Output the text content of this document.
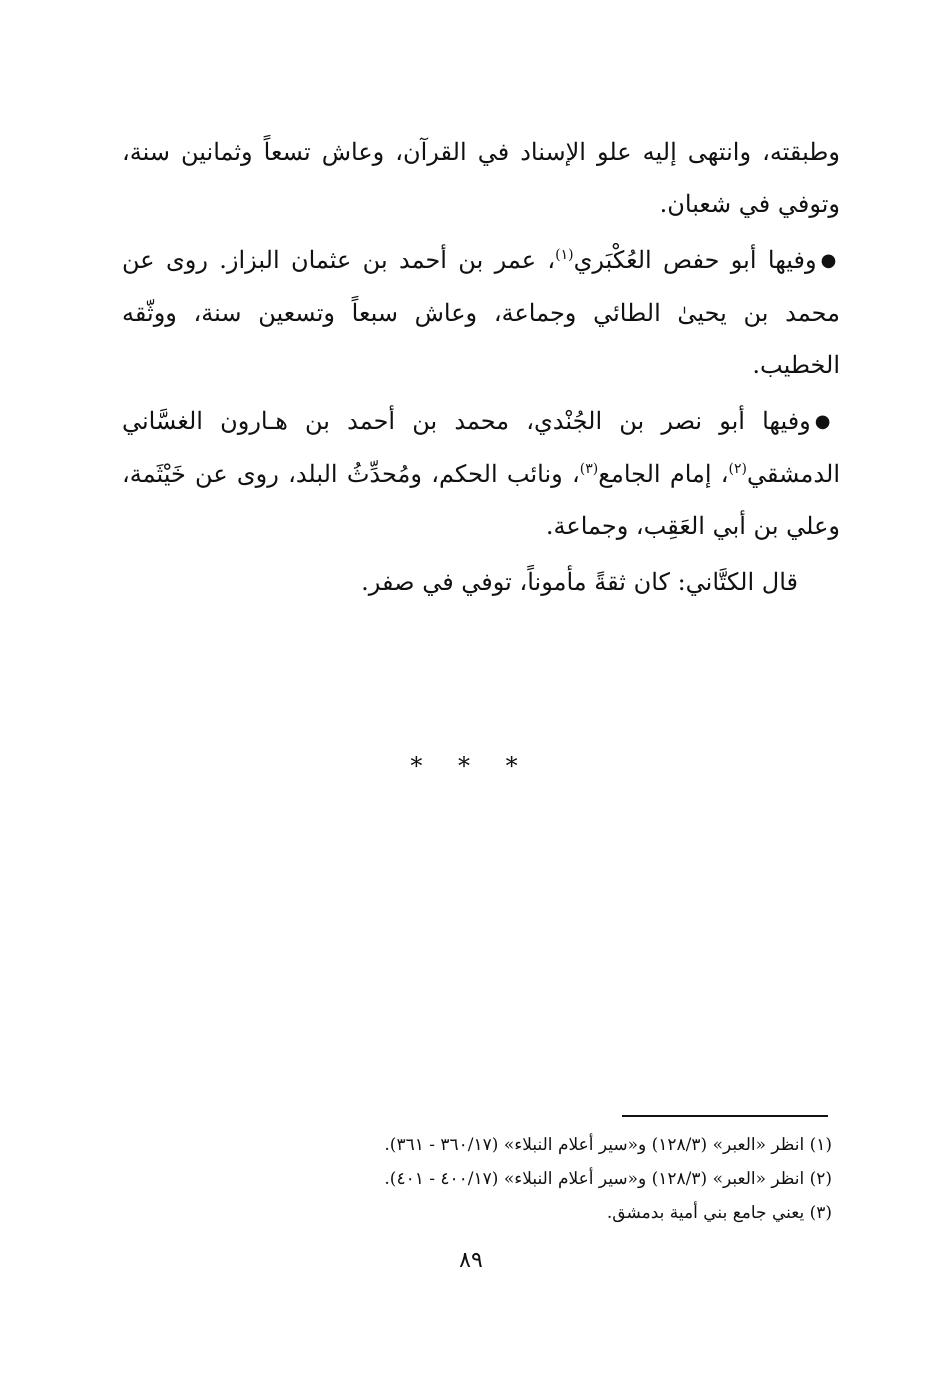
وطبقته، وانتهى إليه علو الإسناد في القرآن، وعاش تسعاً وثمانين سنة، وتوفي في شعبان.

●وفيها أبو حفص العُكْبَري$^{(١)}$، عمر بن أحمد بن عثمان البزاز. روى عن محمد بن يحيىٰ الطائي وجماعة، وعاش سبعاً وتسعين سنة، ووثّقه الخطيب.

●وفيها أبو نصر بن الجُنْدي، محمد بن أحمد بن هـارون الغسَّاني الدمشقي$^{(٢)}$، إمام الجامع$^{(٣)}$، ونائب الحكم، ومُحدِّثُ البلد، روى عن خَيْثَمة، وعلي بن أبي العَقِب، وجماعة.

قال الكتَّاني: كان ثقةً مأموناً، توفي في صفر.

* * *

(١) انظر «العبر» (١٢٨/٣) و«سير أعلام النبلاء» (٣٦٠/١٧ - ٣٦١).

(٢) انظر «العبر» (١٢٨/٣) و«سير أعلام النبلاء» (٤٠٠/١٧ - ٤٠١).

(٣) يعني جامع بني أمية بدمشق.

٨٩
